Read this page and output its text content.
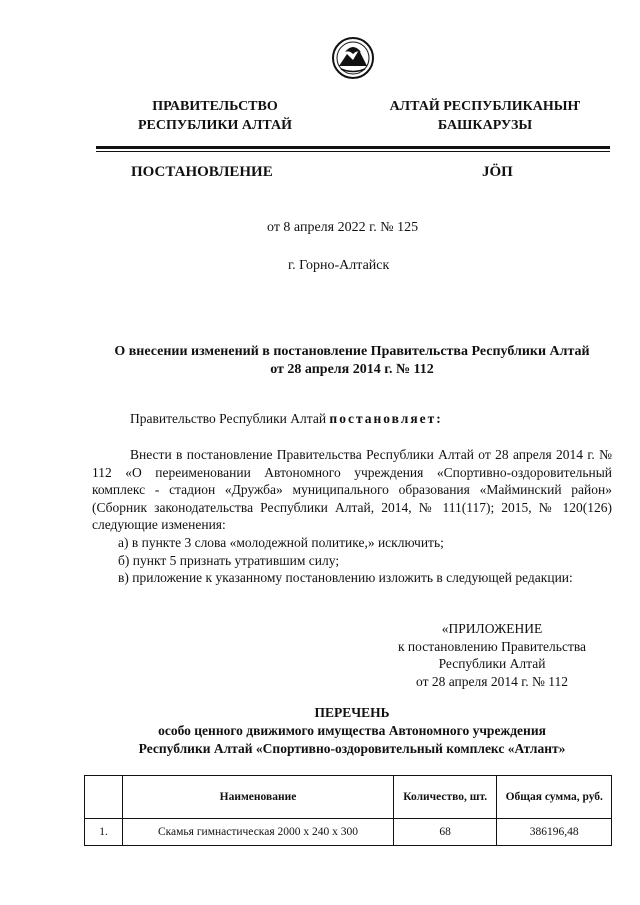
ПРАВИТЕЛЬСТВО
РЕСПУБЛИКИ АЛТАЙ
АЛТАЙ РЕСПУБЛИКАНЫҤ
БАШКАРУЗЫ
ПОСТАНОВЛЕНИЕ	JӦП
от 8 апреля 2022 г. № 125
г. Горно-Алтайск
О внесении изменений в постановление Правительства Республики Алтай
от 28 апреля 2014 г. № 112
Правительство Республики Алтай постановляет:
Внести в постановление Правительства Республики Алтай от 28 апреля 2014 г. № 112 «О переименовании Автономного учреждения «Спортивно-оздоровительный комплекс - стадион «Дружба» муниципального образования «Майминский район» (Сборник законодательства Республики Алтай, 2014, № 111(117); 2015, № 120(126) следующие изменения:
а) в пункте 3 слова «молодежной политике,» исключить;
б) пункт 5 признать утратившим силу;
в) приложение к указанному постановлению изложить в следующей редакции:
«ПРИЛОЖЕНИЕ
к постановлению Правительства
Республики Алтай
от 28 апреля 2014 г. № 112
ПЕРЕЧЕНЬ
особо ценного движимого имущества Автономного учреждения
Республики Алтай «Спортивно-оздоровительный комплекс «Атлант»
	Наименование	Количество, шт.	Общая сумма, руб.
1.	Скамья гимнастическая 2000 х 240 х 300	68	386196,48
